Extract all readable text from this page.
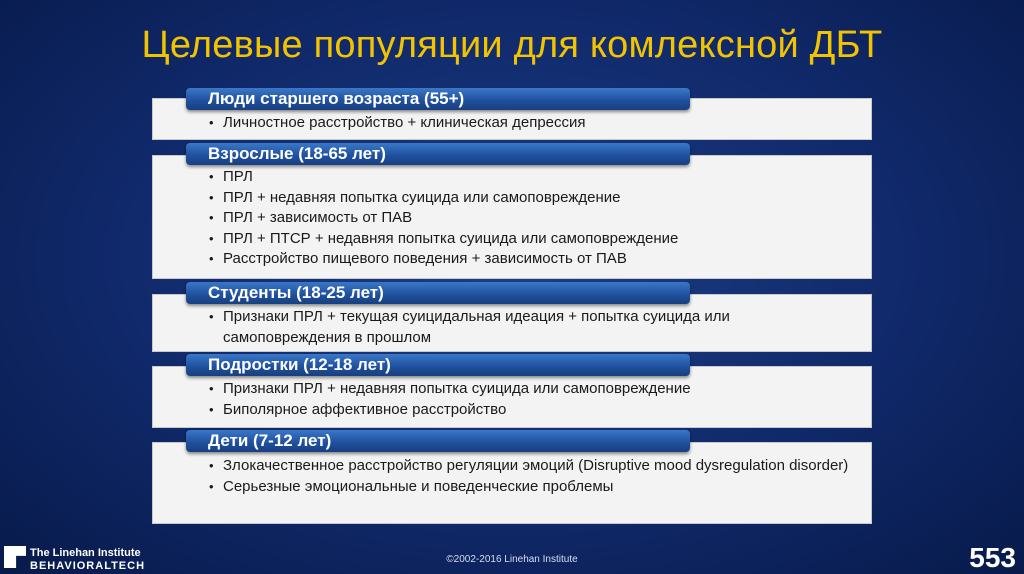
Целевые популяции для комлексной ДБТ
• Личностное расстройство + клиническая депрессия
Люди старшего возраста (55+)
• ПРЛ
• ПРЛ + недавняя попытка суицида или самоповреждение
• ПРЛ + зависимость от ПАВ
• ПРЛ + ПТСР + недавняя попытка суицида или самоповреждение
• Расстройство пищевого поведения + зависимость от ПАВ
Взрослые (18-65 лет)
• Признаки ПРЛ + текущая суицидальная идеация + попытка суицида или самоповреждения в прошлом
Студенты (18-25 лет)
• Признаки ПРЛ + недавняя попытка суицида или самоповреждение
• Биполярное аффективное расстройство
Подростки (12-18 лет)
• Злокачественное расстройство регуляции эмоций (Disruptive mood dysregulation disorder)
• Серьезные эмоциональные и поведенческие проблемы
Дети (7-12 лет)
The Linehan Institute
BEHAVIORALTECH
©2002-2016 Linehan Institute	553
